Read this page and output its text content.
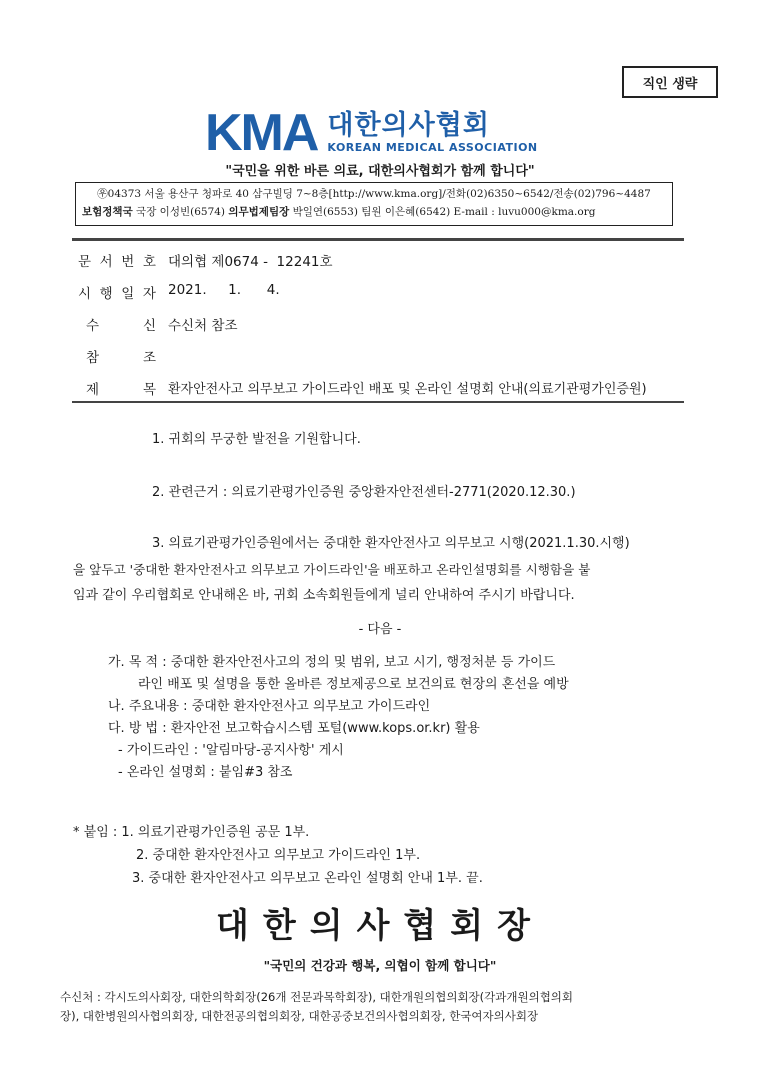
직인 생략
KMA 대한의사협회
KOREAN MEDICAL ASSOCIATION
"국민을 위한 바른 의료, 대한의사협회가 함께 합니다"
㉾04373 서울 용산구 청파로 40 삼구빌딩 7~8층[http://www.kma.org]/전화(02)6350~6542/전송(02)796~4487
보험정책국 국장 이성빈(6574) 의무법제팀장 박일연(6553) 팀원 이은혜(6542) E-mail : luvu000@kma.org
문 서 번 호 대의협 제0674 -  12241호
시 행 일 자 2021.     1.      4.
수	신 수신처 참조
참	조
제	목 환자안전사고 의무보고 가이드라인 배포 및 온라인 설명회 안내(의료기관평가인증원)
1. 귀회의 무궁한 발전을 기원합니다.
2. 관련근거 : 의료기관평가인증원 중앙환자안전센터-2771(2020.12.30.)
3. 의료기관평가인증원에서는 중대한 환자안전사고 의무보고 시행(2021.1.30.시행)
을 앞두고 '중대한 환자안전사고 의무보고 가이드라인'을 배포하고 온라인설명회를 시행함을 붙
임과 같이 우리협회로 안내해온 바, 귀회 소속회원들에게 널리 안내하여 주시기 바랍니다.
- 다음 -
가. 목 적 : 중대한 환자안전사고의 정의 및 범위, 보고 시기, 행정처분 등 가이드
라인 배포 및 설명을 통한 올바른 정보제공으로 보건의료 현장의 혼선을 예방
나. 주요내용 : 중대한 환자안전사고 의무보고 가이드라인
다. 방 법 : 환자안전 보고학습시스템 포털(www.kops.or.kr) 활용
- 가이드라인 : '알림마당-공지사항' 게시
- 온라인 설명회 : 붙임#3 참조
* 붙임 : 1. 의료기관평가인증원 공문 1부.
2. 중대한 환자안전사고 의무보고 가이드라인 1부.
3. 중대한 환자안전사고 의무보고 온라인 설명회 안내 1부. 끝.
대한의사협회장
"국민의 건강과 행복, 의협이 함께 합니다"
수신처 : 각시도의사회장, 대한의학회장(26개 전문과목학회장), 대한개원의협의회장(각과개원의협의회
장), 대한병원의사협의회장, 대한전공의협의회장, 대한공중보건의사협의회장, 한국여자의사회장
